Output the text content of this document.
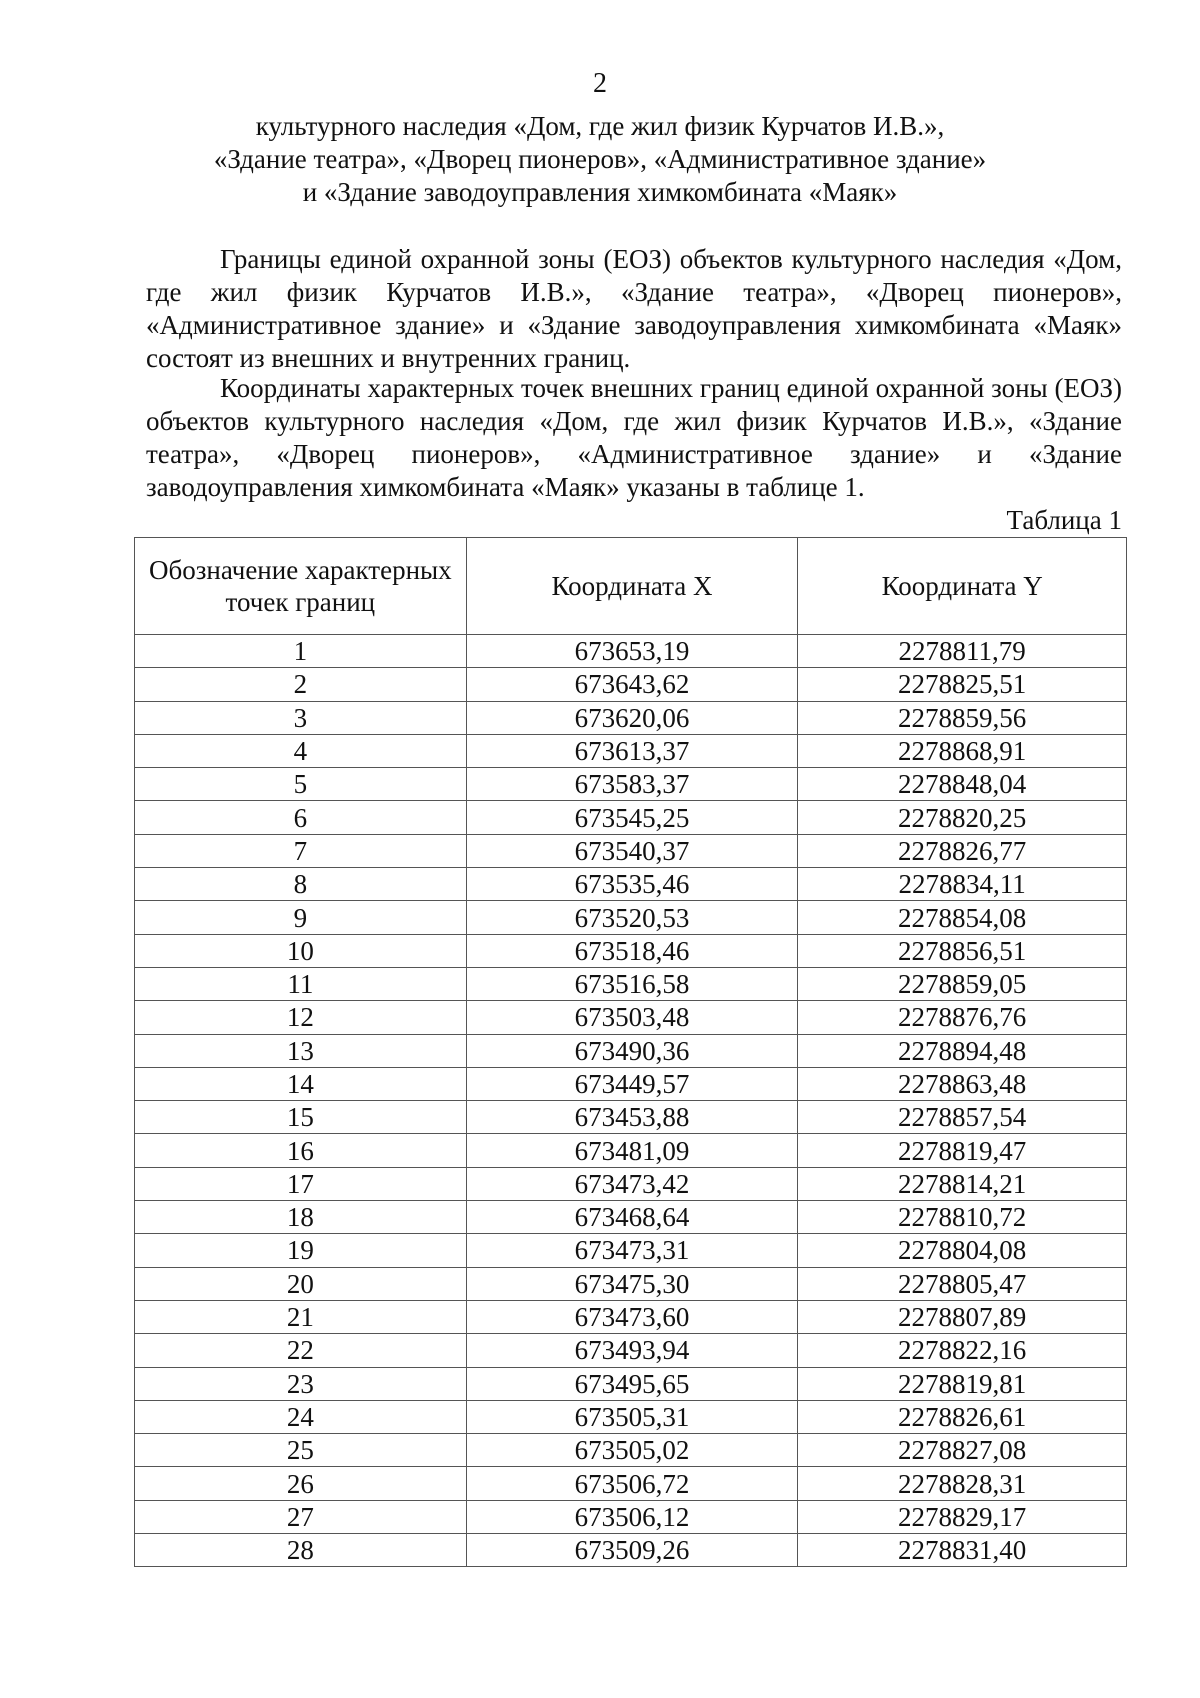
2
культурного наследия «Дом, где жил физик Курчатов И.В.»,
«Здание театра», «Дворец пионеров», «Административное здание»
и «Здание заводоуправления химкомбината «Маяк»

Границы единой охранной зоны (ЕОЗ) объектов культурного наследия «Дом, где жил физик Курчатов И.В.», «Здание театра», «Дворец пионеров», «Административное здание» и «Здание заводоуправления химкомбината «Маяк» состоят из внешних и внутренних границ.

Координаты характерных точек внешних границ единой охранной зоны (ЕОЗ) объектов культурного наследия «Дом, где жил физик Курчатов И.В.», «Здание театра», «Дворец пионеров», «Административное здание» и «Здание заводоуправления химкомбината «Маяк» указаны в таблице 1.

Таблица 1
Обозначение характерных точек границ	Координата X	Координата Y
1	673653,19	2278811,79
2	673643,62	2278825,51
3	673620,06	2278859,56
4	673613,37	2278868,91
5	673583,37	2278848,04
6	673545,25	2278820,25
7	673540,37	2278826,77
8	673535,46	2278834,11
9	673520,53	2278854,08
10	673518,46	2278856,51
11	673516,58	2278859,05
12	673503,48	2278876,76
13	673490,36	2278894,48
14	673449,57	2278863,48
15	673453,88	2278857,54
16	673481,09	2278819,47
17	673473,42	2278814,21
18	673468,64	2278810,72
19	673473,31	2278804,08
20	673475,30	2278805,47
21	673473,60	2278807,89
22	673493,94	2278822,16
23	673495,65	2278819,81
24	673505,31	2278826,61
25	673505,02	2278827,08
26	673506,72	2278828,31
27	673506,12	2278829,17
28	673509,26	2278831,40
